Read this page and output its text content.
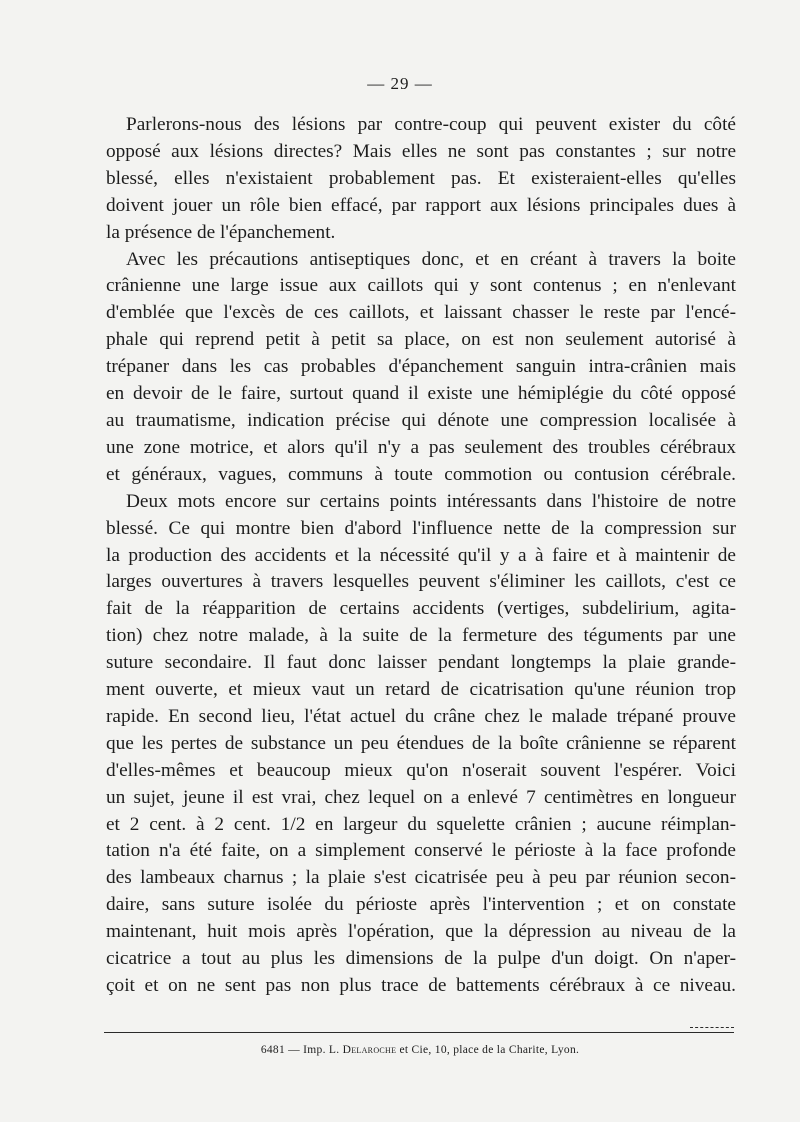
— 29 —

Parlerons-nous des lésions par contre-coup qui peuvent exister du côté
opposé aux lésions directes? Mais elles ne sont pas constantes ; sur notre
blessé, elles n'existaient probablement pas. Et existeraient-elles qu'elles
doivent jouer un rôle bien effacé, par rapport aux lésions principales dues à
la présence de l'épanchement.

Avec les précautions antiseptiques donc, et en créant à travers la boite
crânienne une large issue aux caillots qui y sont contenus ; en n'enlevant
d'emblée que l'excès de ces caillots, et laissant chasser le reste par l'encé-
phale qui reprend petit à petit sa place, on est non seulement autorisé à
trépaner dans les cas probables d'épanchement sanguin intra-crânien mais
en devoir de le faire, surtout quand il existe une hémiplégie du côté opposé
au traumatisme, indication précise qui dénote une compression localisée à
une zone motrice, et alors qu'il n'y a pas seulement des troubles cérébraux
et généraux, vagues, communs à toute commotion ou contusion cérébrale.

Deux mots encore sur certains points intéressants dans l'histoire de notre
blessé. Ce qui montre bien d'abord l'influence nette de la compression sur
la production des accidents et la nécessité qu'il y a à faire et à maintenir de
larges ouvertures à travers lesquelles peuvent s'éliminer les caillots, c'est ce
fait de la réapparition de certains accidents (vertiges, subdelirium, agita-
tion) chez notre malade, à la suite de la fermeture des téguments par une
suture secondaire. Il faut donc laisser pendant longtemps la plaie grande-
ment ouverte, et mieux vaut un retard de cicatrisation qu'une réunion trop
rapide. En second lieu, l'état actuel du crâne chez le malade trépané prouve
que les pertes de substance un peu étendues de la boîte crânienne se réparent
d'elles-mêmes et beaucoup mieux qu'on n'oserait souvent l'espérer. Voici
un sujet, jeune il est vrai, chez lequel on a enlevé 7 centimètres en longueur
et 2 cent. à 2 cent. 1/2 en largeur du squelette crânien ; aucune réimplan-
tation n'a été faite, on a simplement conservé le périoste à la face profonde
des lambeaux charnus ; la plaie s'est cicatrisée peu à peu par réunion secon-
daire, sans suture isolée du périoste après l'intervention ; et on constate
maintenant, huit mois après l'opération, que la dépression au niveau de la
cicatrice a tout au plus les dimensions de la pulpe d'un doigt. On n'aper-
çoit et on ne sent pas non plus trace de battements cérébraux à ce niveau.

6481 — Imp. L. Delaroche et Cie, 10, place de la Charite, Lyon.
